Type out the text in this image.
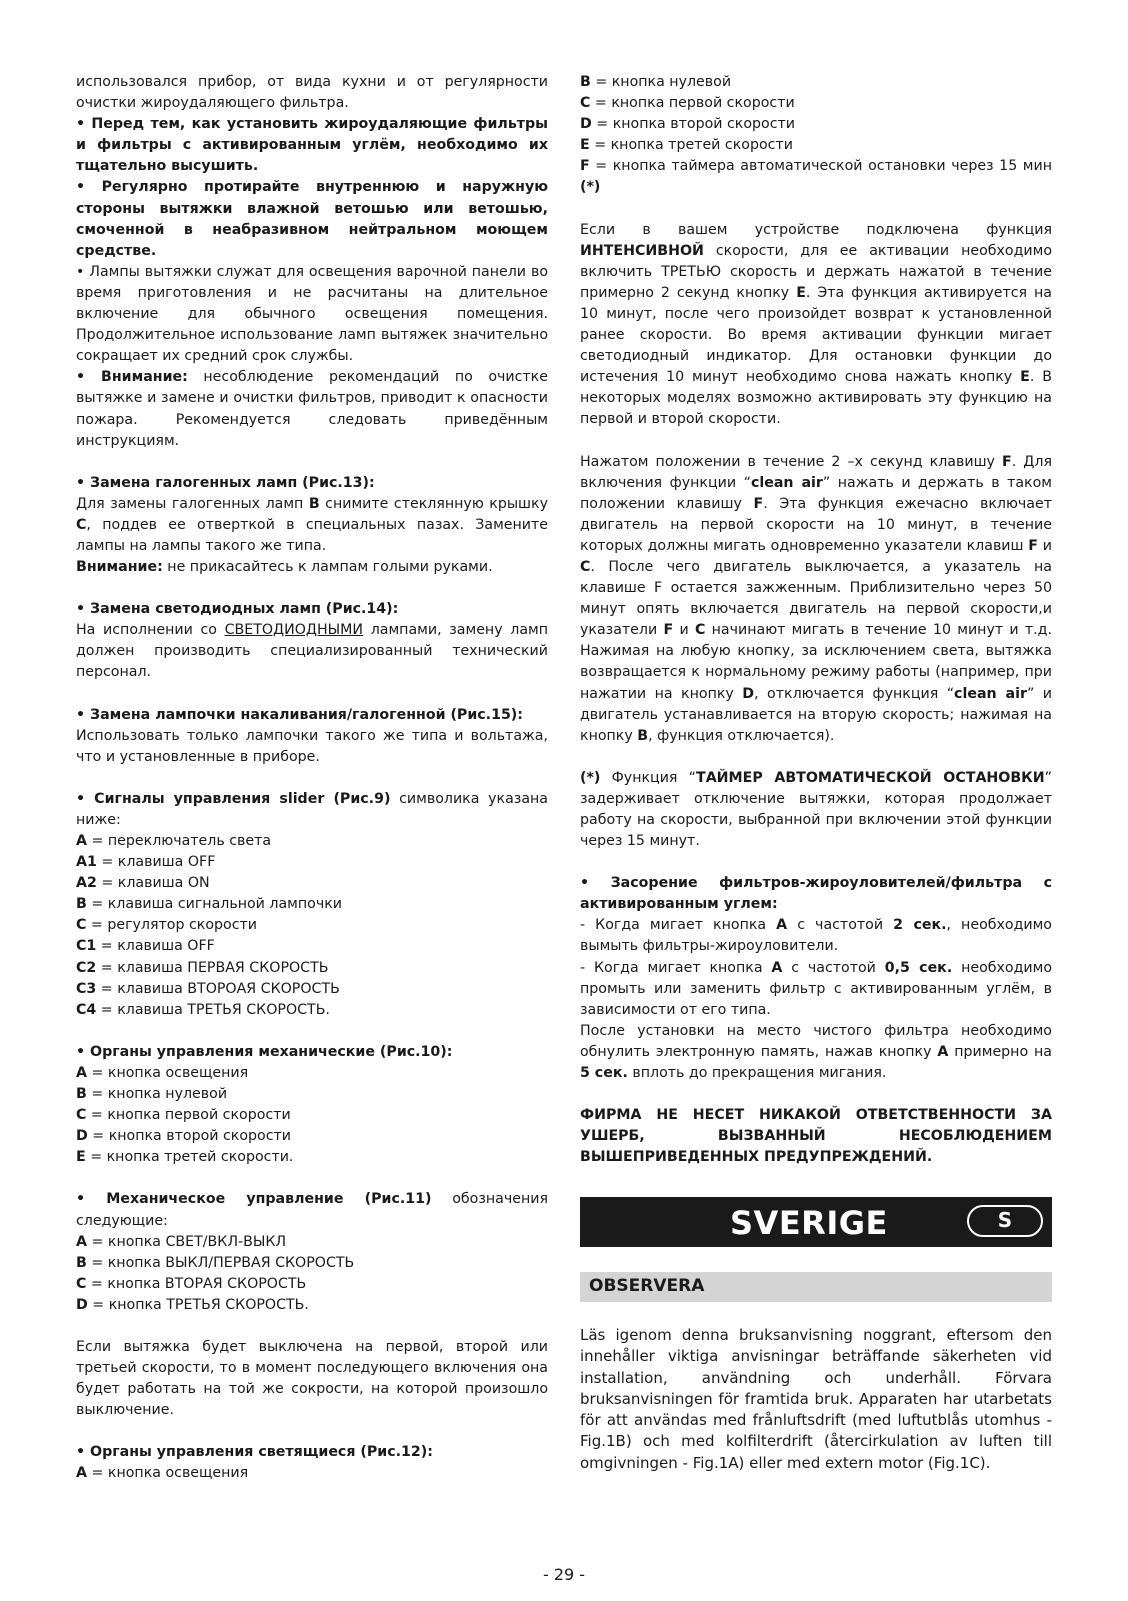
использовался прибор, от вида кухни и от регулярности очистки жироудаляющего фильтра.

• Перед тем, как установить жироудаляющие фильтры и фильтры с активированным углём, необходимо их тщательно высушить.

• Регулярно протирайте внутреннюю и наружную стороны вытяжки влажной ветошью или ветошью, смоченной в неабразивном нейтральном моющем средстве.

• Лампы вытяжки служат для освещения варочной панели во время приготовления и не расчитаны на длительное включение для обычного освещения помещения. Продолжительное использование ламп вытяжек значительно сокращает их средний срок службы.

• Внимание: несоблюдение рекомендаций по очистке вытяжке и замене и очистки фильтров, приводит к опасности пожара. Рекомендуется следовать приведённым инструкциям.

• Замена галогенных ламп (Рис.13):

Для замены галогенных ламп B снимите стеклянную крышку C, поддев ее отверткой в специальных пазах. Замените лампы на лампы такого же типа.

Внимание: не прикасайтесь к лампам голыми руками.

• Замена светодиодных ламп (Рис.14):

На исполнении со СВЕТОДИОДНЫМИ лампами, замену ламп должен производить специализированный технический персонал.

• Замена лампочки накаливания/галогенной (Рис.15):

Использовать только лампочки такого же типа и вольтажа, что и установленные в приборе.

• Сигналы управления slider (Рис.9) символика указана ниже:

A = переключатель света
A1 = клавиша OFF
A2 = клавиша ON
B = клавиша сигнальной лампочки
C = регулятор скорости
C1 = клавиша OFF
C2 = клавиша ПЕРВАЯ СКОРОСТЬ
C3 = клавиша ВТОРОАЯ СКОРОСТЬ
C4 = клавиша ТРЕТЬЯ СКОРОСТЬ.

• Органы управления механические (Рис.10):

A = кнопка освещения
B = кнопка нулевой
C = кнопка первой скорости
D = кнопка второй скорости
E = кнопка третей скорости.

• Механическое управление (Рис.11) обозначения следующие:

A = кнопка СВЕТ/ВКЛ-ВЫКЛ
B = кнопка ВЫКЛ/ПЕРВАЯ СКОРОСТЬ
C = кнопка ВТОРАЯ СКОРОСТЬ
D = кнопка ТРЕТЬЯ СКОРОСТЬ.

Если вытяжка будет выключена на первой, второй или третьей скорости, то в момент последующего включения она будет работать на той же сокрости, на которой произошло выключение.

• Органы управления светящиеся (Рис.12):

A = кнопка освещения
B = кнопка нулевой
C = кнопка первой скорости
D = кнопка второй скорости
E = кнопка третей скорости

F = кнопка таймера автоматической остановки через 15 мин (*)

Если в вашем устройстве подключена функция ИНТЕНСИВНОЙ скорости, для ее активации необходимо включить ТРЕТЬЮ скорость и держать нажатой в течение примерно 2 секунд кнопку E. Эта функция активируется на 10 минут, после чего произойдет возврат к установленной ранее скорости. Во время активации функции мигает светодиодный индикатор. Для остановки функции до истечения 10 минут необходимо снова нажать кнопку E. В некоторых моделях возможно активировать эту функцию на первой и второй скорости.

Нажатом положении в течение 2 –х секунд клавишу F. Для включения функции “clean air” нажать и держать в таком положении клавишу F. Эта функция ежечасно включает двигатель на первой скорости на 10 минут, в течение которых должны мигать одновременно указатели клавиш F и C. После чего двигатель выключается, а указатель на клавише F остается зажженным. Приблизительно через 50 минут опять включается двигатель на первой скорости,и указатели F и C начинают мигать в течение 10 минут и т.д. Нажимая на любую кнопку, за исключением света, вытяжка возвращается к нормальному режиму работы (например, при нажатии на кнопку D, отключается функция “clean air” и двигатель устанавливается на вторую скорость; нажимая на кнопку B, функция отключается).

(*) Функция “ТАЙМЕР АВТОМАТИЧЕСКОЙ ОСТАНОВКИ” задерживает отключение вытяжки, которая продолжает работу на скорости, выбранной при включении этой функции через 15 минут.

• Засорение фильтров-жироуловителей/фильтра с активированным углем:

- Когда мигает кнопка A с частотой 2 сек., необходимо вымыть фильтры-жироуловители.

- Когда мигает кнопка A с частотой 0,5 сек. необходимо промыть или заменить фильтр с активированным углём, в зависимости от его типа.

После установки на место чистого фильтра необходимо обнулить электронную память, нажав кнопку A примерно на 5 сек. вплоть до прекращения мигания.

ФИРМА НЕ НЕСЕТ НИКАКОЙ ОТВЕТСТВЕННОСТИ ЗА УШЕРБ, ВЫЗВАННЫЙ НЕСОБЛЮДЕНИЕМ ВЫШЕПРИВЕДЕННЫХ ПРЕДУПРЕЖДЕНИЙ.

SVERIGE	S
OBSERVERA

Läs igenom denna bruksanvisning noggrant, eftersom den innehåller viktiga anvisningar beträffande säkerheten vid installation, användning och underhåll. Förvara bruksanvisningen för framtida bruk. Apparaten har utarbetats för att användas med frånluftsdrift (med luftutblås utomhus - Fig.1B) och med kolfilterdrift (återcirkulation av luften till omgivningen - Fig.1A) eller med extern motor (Fig.1C).

- 29 -
